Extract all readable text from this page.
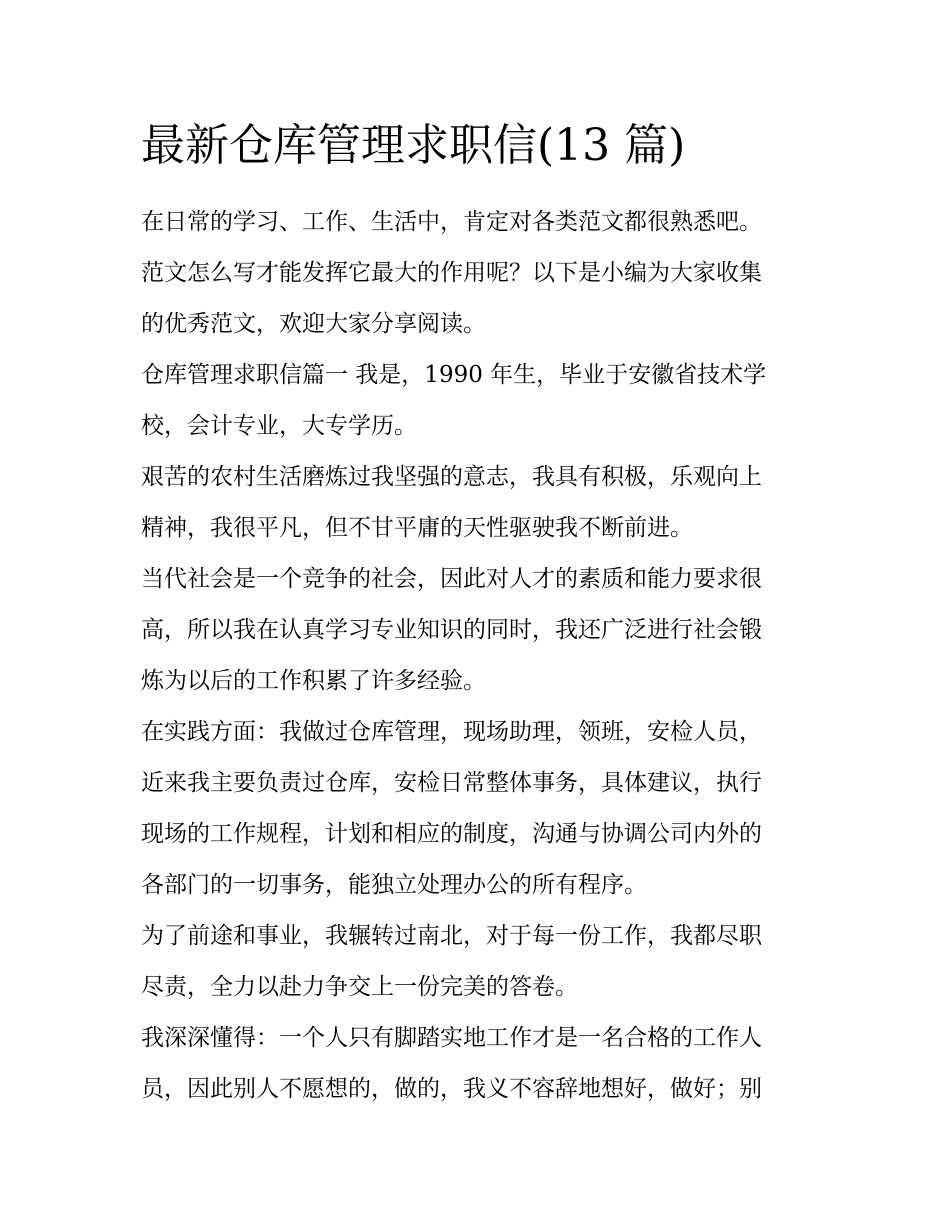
最新仓库管理求职信(13 篇)

在日常的学习、工作、生活中，肯定对各类范文都很熟悉吧。
范文怎么写才能发挥它最大的作用呢？以下是小编为大家收集
的优秀范文，欢迎大家分享阅读。

仓库管理求职信篇一 我是，1990 年生，毕业于安徽省技术学
校，会计专业，大专学历。

艰苦的农村生活磨炼过我坚强的意志，我具有积极，乐观向上
精神，我很平凡，但不甘平庸的天性驱驶我不断前进。

当代社会是一个竞争的社会，因此对人才的素质和能力要求很
高，所以我在认真学习专业知识的同时，我还广泛进行社会锻
炼为以后的工作积累了许多经验。

在实践方面：我做过仓库管理，现场助理，领班，安检人员，
近来我主要负责过仓库，安检日常整体事务，具体建议，执行
现场的工作规程，计划和相应的制度，沟通与协调公司内外的
各部门的一切事务，能独立处理办公的所有程序。

为了前途和事业，我辗转过南北，对于每一份工作，我都尽职
尽责，全力以赴力争交上一份完美的答卷。

我深深懂得：一个人只有脚踏实地工作才是一名合格的工作人
员，因此别人不愿想的，做的，我义不容辞地想好，做好；别
